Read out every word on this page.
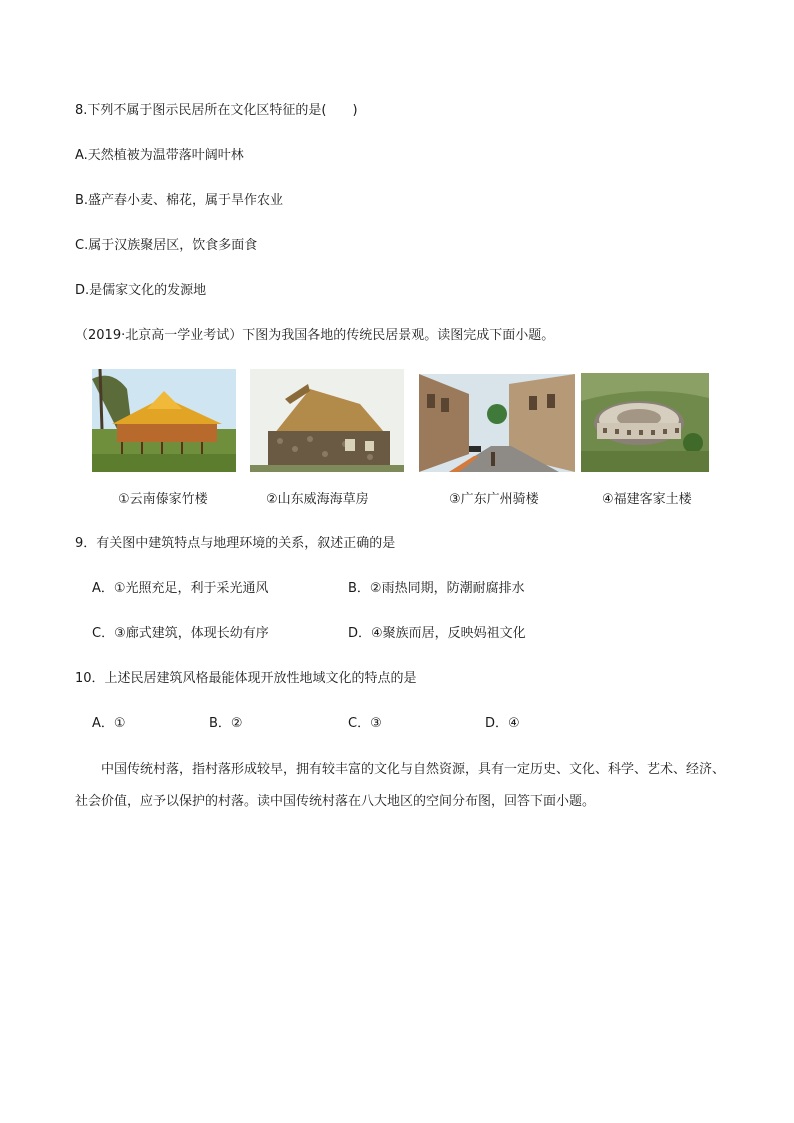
8.下列不属于图示民居所在文化区特征的是(　　)
A.天然植被为温带落叶阔叶林
B.盛产春小麦、棉花，属于旱作农业
C.属于汉族聚居区，饮食多面食
D.是儒家文化的发源地
（2019·北京高一学业考试）下图为我国各地的传统民居景观。读图完成下面小题。
①云南傣家竹楼	②山东威海海草房	③广东广州骑楼	④福建客家土楼
9．有关图中建筑特点与地理环境的关系，叙述正确的是
A．①光照充足，利于采光通风	B．②雨热同期，防潮耐腐排水
C．③廊式建筑，体现长幼有序	D．④聚族而居，反映妈祖文化
10．上述民居建筑风格最能体现开放性地域文化的特点的是
A．①	B．②	C．③	D．④
中国传统村落，指村落形成较早，拥有较丰富的文化与自然资源，具有一定历史、文化、科学、艺术、经济、社会价值，应予以保护的村落。读中国传统村落在八大地区的空间分布图，回答下面小题。
